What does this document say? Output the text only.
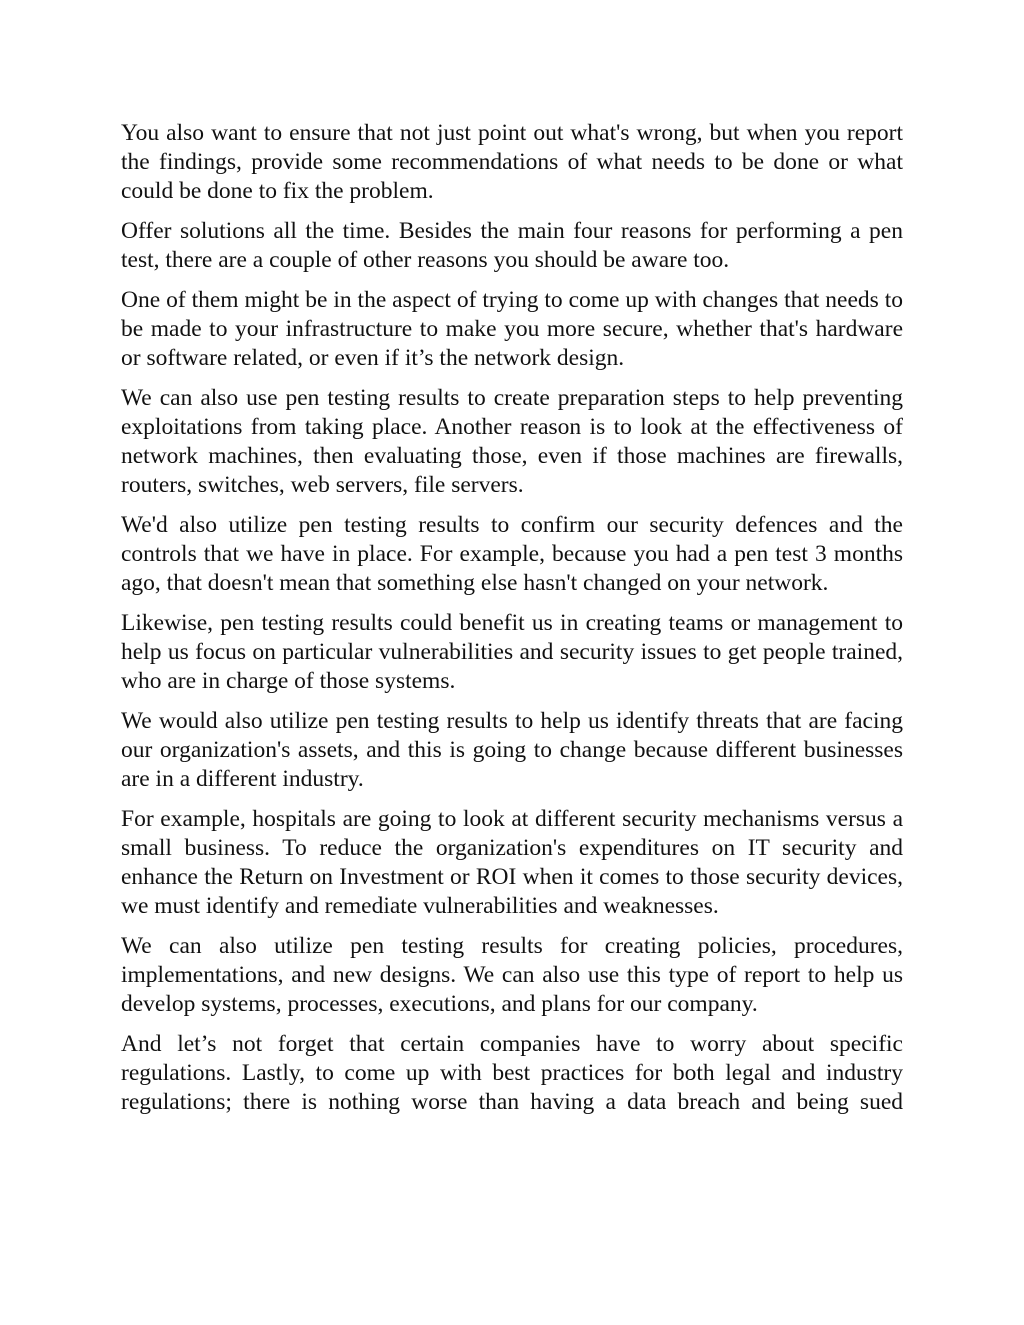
You also want to ensure that not just point out what's wrong, but when you report the findings, provide some recommendations of what needs to be done or what could be done to fix the problem.

Offer solutions all the time. Besides the main four reasons for performing a pen test, there are a couple of other reasons you should be aware too.

One of them might be in the aspect of trying to come up with changes that needs to be made to your infrastructure to make you more secure, whether that's hardware or software related, or even if it’s the network design.

We can also use pen testing results to create preparation steps to help preventing exploitations from taking place. Another reason is to look at the effectiveness of network machines, then evaluating those, even if those machines are firewalls, routers, switches, web servers, file servers.

We'd also utilize pen testing results to confirm our security defences and the controls that we have in place. For example, because you had a pen test 3 months ago, that doesn't mean that something else hasn't changed on your network.

Likewise, pen testing results could benefit us in creating teams or management to help us focus on particular vulnerabilities and security issues to get people trained, who are in charge of those systems.

We would also utilize pen testing results to help us identify threats that are facing our organization's assets, and this is going to change because different businesses are in a different industry.

For example, hospitals are going to look at different security mechanisms versus a small business. To reduce the organization's expenditures on IT security and enhance the Return on Investment or ROI when it comes to those security devices, we must identify and remediate vulnerabilities and weaknesses.

We can also utilize pen testing results for creating policies, procedures, implementations, and new designs. We can also use this type of report to help us develop systems, processes, executions, and plans for our company.

And let’s not forget that certain companies have to worry about specific regulations. Lastly, to come up with best practices for both legal and industry regulations; there is nothing worse than having a data breach and being sued
